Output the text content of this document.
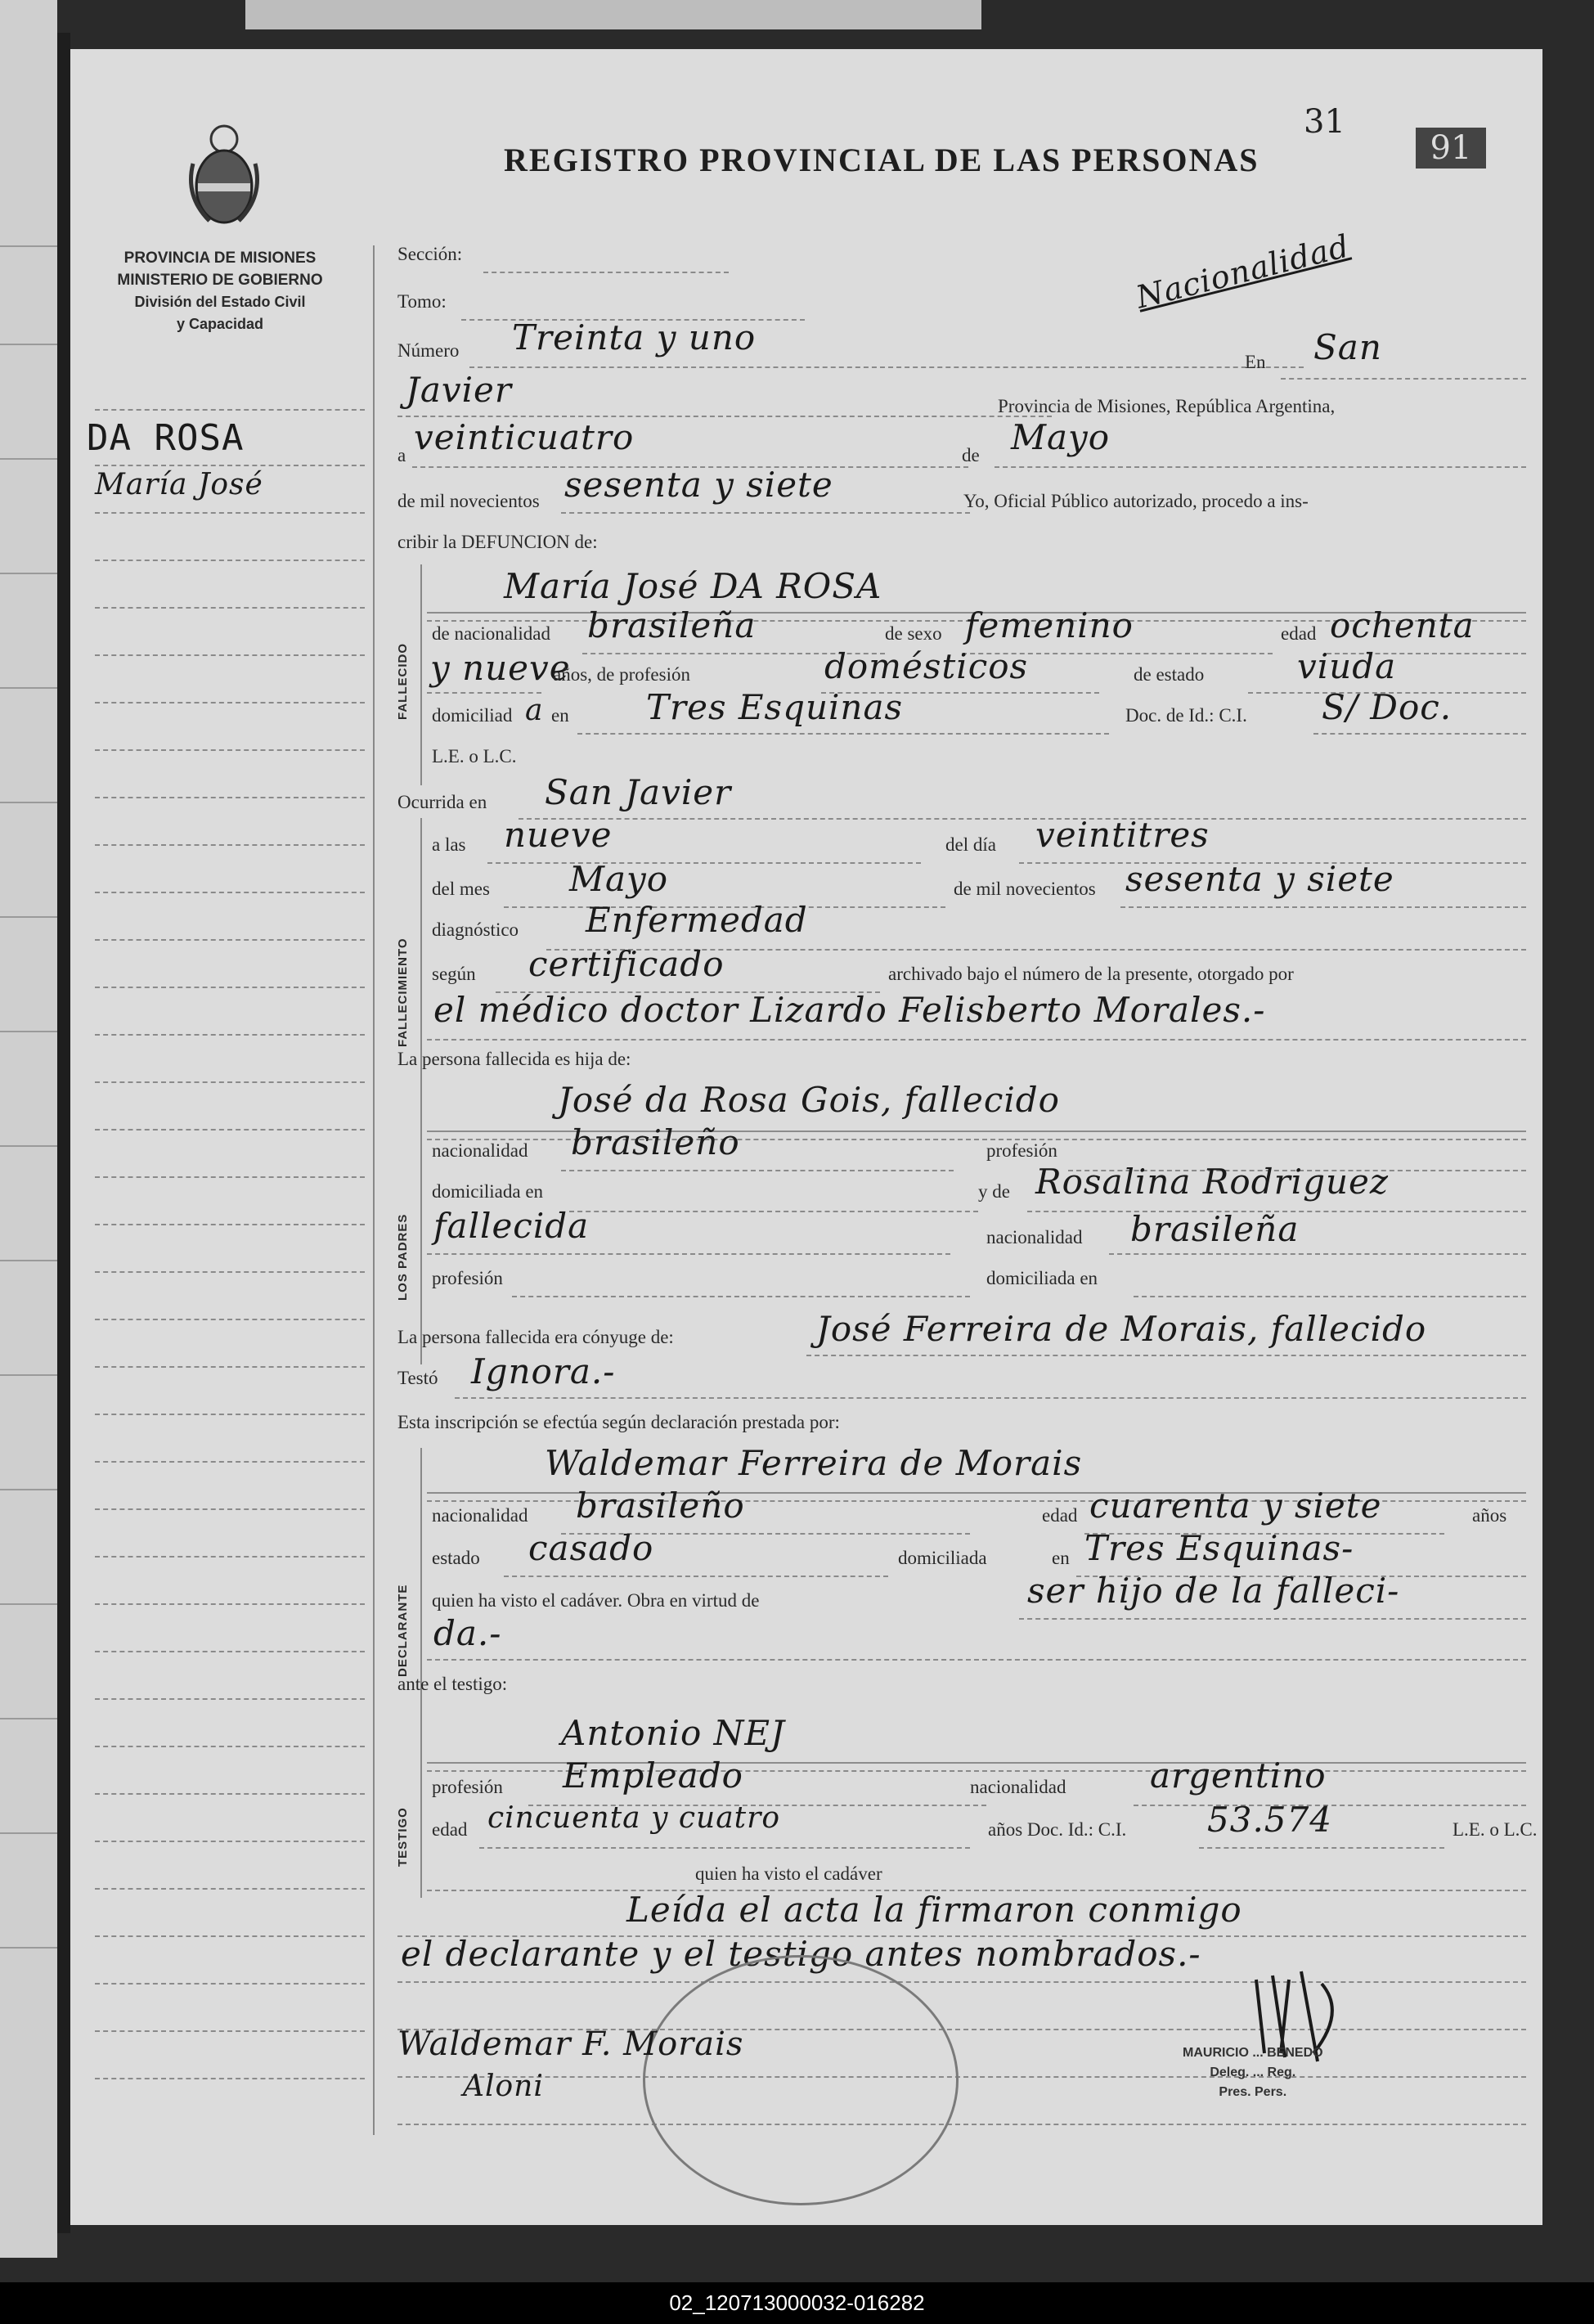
PROVINCIA DE MISIONES
MINISTERIO DE GOBIERNO
División del Estado Civil
y Capacidad
31
91
REGISTRO PROVINCIAL DE LAS PERSONAS
Nacionalidad
DA ROSA
María José
Sección:
Tomo:
Número Treinta y uno
En San
Javier	Provincia de Misiones, República Argentina,
a veinticuatro	de Mayo
de mil novecientos sesenta y siete	Yo, Oficial Público autorizado, procedo a ins-
cribir la DEFUNCION de:
FALLECIDO
María José DA ROSA
de nacionalidad brasileña	de sexo femenino	edad ochenta
y nueve
años, de profesión	domésticos	de estado	viuda
domiciliad a en Tres Esquinas	Doc. de Id.: C.I. S/ Doc.
L.E. o L.C.
Ocurrida en San Javier
FALLECIMIENTO
a las nueve	del día veintitres
del mes Mayo	de mil novecientos sesenta y siete
diagnóstico Enfermedad
según certificado	archivado bajo el número de la presente, otorgado por
el médico doctor Lizardo Felisberto Morales.-
La persona fallecida es hija de:
LOS PADRES
José da Rosa Gois, fallecido
nacionalidad brasileño	profesión
domiciliada en	y de Rosalina Rodriguez
fallecida	nacionalidad brasileña
profesión	domiciliada en
La persona fallecida era cónyuge de:	José Ferreira de Morais, fallecido
Testó Ignora.-
Esta inscripción se efectúa según declaración prestada por:
DECLARANTE
Waldemar Ferreira de Morais
nacionalidad brasileño	edad cuarenta y siete	años
estado casado	domiciliada	en Tres Esquinas-
quien ha visto el cadáver. Obra en virtud de	ser hijo de la falleci-
da.-
ante el testigo:
TESTIGO
Antonio NEJ
profesión Empleado	nacionalidad argentino
edad cincuenta y cuatro	años Doc. Id.: C.I. 53.574	L.E. o L.C.
quien ha visto el cadáver
Leída el acta la firmaron conmigo
el declarante y el testigo antes nombrados.-
Waldemar F. Morais
Aloni
MAURICIO ... BENEDO
Deleg. ... Reg.
Pres. Pers.
02_120713000032-016282
